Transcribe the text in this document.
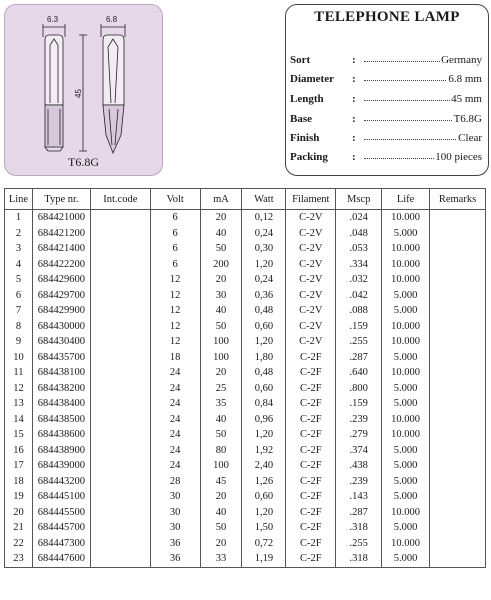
6.3	6.8
45
T6.8G
TELEPHONE LAMP
Sort	:	Germany
Diameter :	6.8 mm
Length	:	45 mm
Base	:	T6.8G
Finish	:	Clear
Packing :	100 pieces
Line	Type nr.	Int.code	Volt	mA	Watt	Filament	Mscp	Life	Remarks
1	684421000		6	20	0,12	C-2V	.024	10.000	
2	684421200		6	40	0,24	C-2V	.048	5.000	
3	684421400		6	50	0,30	C-2V	.053	10.000	
4	684422200		6	200	1,20	C-2V	.334	10.000	
5	684429600		12	20	0,24	C-2V	.032	10.000	
6	684429700		12	30	0,36	C-2V	.042	5.000	
7	684429900		12	40	0,48	C-2V	.088	5.000	
8	684430000		12	50	0,60	C-2V	.159	10.000	
9	684430400		12	100	1,20	C-2V	.255	10.000	
10	684435700		18	100	1,80	C-2F	.287	5.000	
11	684438100		24	20	0,48	C-2F	.640	10.000	
12	684438200		24	25	0,60	C-2F	.800	5.000	
13	684438400		24	35	0,84	C-2F	.159	5.000	
14	684438500		24	40	0,96	C-2F	.239	10.000	
15	684438600		24	50	1,20	C-2F	.279	10.000	
16	684438900		24	80	1,92	C-2F	.374	5.000	
17	684439000		24	100	2,40	C-2F	.438	5.000	
18	684443200		28	45	1,26	C-2F	.239	5.000	
19	684445100		30	20	0,60	C-2F	.143	5.000	
20	684445500		30	40	1,20	C-2F	.287	10.000	
21	684445700		30	50	1,50	C-2F	.318	5.000	
22	684447300		36	20	0,72	C-2F	.255	10.000	
23	684447600		36	33	1,19	C-2F	.318	5.000	
